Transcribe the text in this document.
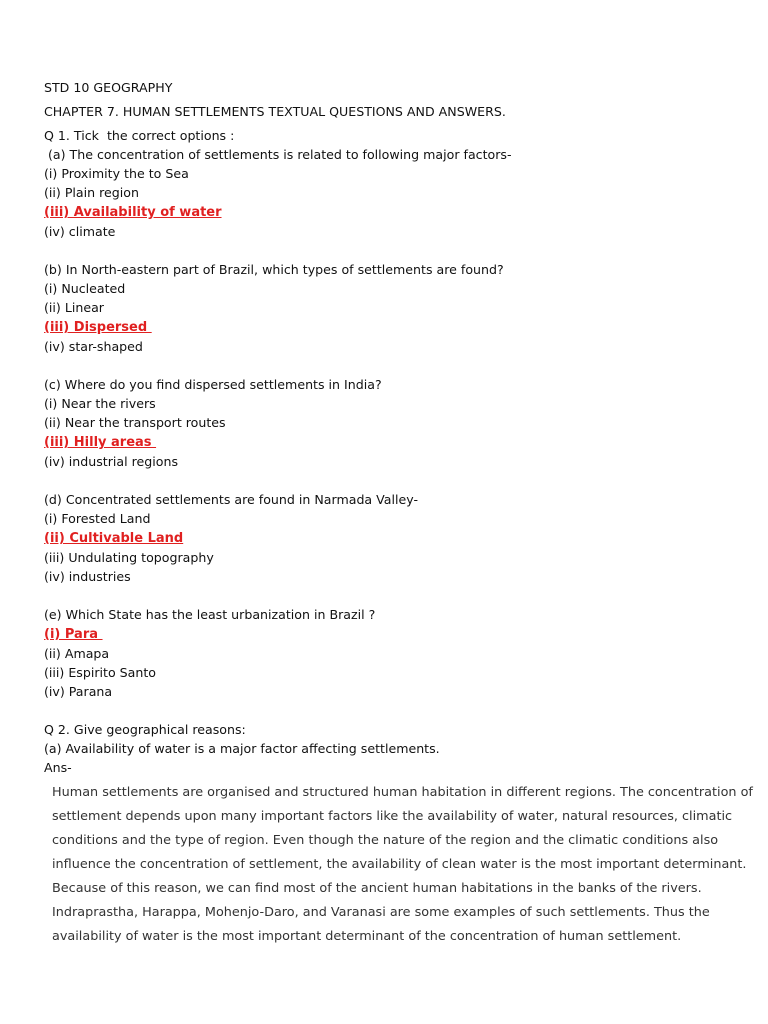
STD 10 GEOGRAPHY
CHAPTER 7. HUMAN SETTLEMENTS TEXTUAL QUESTIONS AND ANSWERS.
Q 1. Tick  the correct options :
(a) The concentration of settlements is related to following major factors-
(i) Proximity the to Sea
(ii) Plain region
(iii) Availability of water
(iv) climate
(b) In North-eastern part of Brazil, which types of settlements are found?
(i) Nucleated
(ii) Linear
(iii) Dispersed
(iv) star-shaped
(c) Where do you find dispersed settlements in India?
(i) Near the rivers
(ii) Near the transport routes
(iii) Hilly areas
(iv) industrial regions
(d) Concentrated settlements are found in Narmada Valley-
(i) Forested Land
(ii) Cultivable Land
(iii) Undulating topography
(iv) industries
(e) Which State has the least urbanization in Brazil ?
(i) Para
(ii) Amapa
(iii) Espirito Santo
(iv) Parana
Q 2. Give geographical reasons:
(a) Availability of water is a major factor affecting settlements.
Ans-
Human settlements are organised and structured human habitation in different regions. The concentration of
settlement depends upon many important factors like the availability of water, natural resources, climatic
conditions and the type of region. Even though the nature of the region and the climatic conditions also
influence the concentration of settlement, the availability of clean water is the most important determinant.
Because of this reason, we can find most of the ancient human habitations in the banks of the rivers.
Indraprastha, Harappa, Mohenjo-Daro, and Varanasi are some examples of such settlements. Thus the
availability of water is the most important determinant of the concentration of human settlement.
